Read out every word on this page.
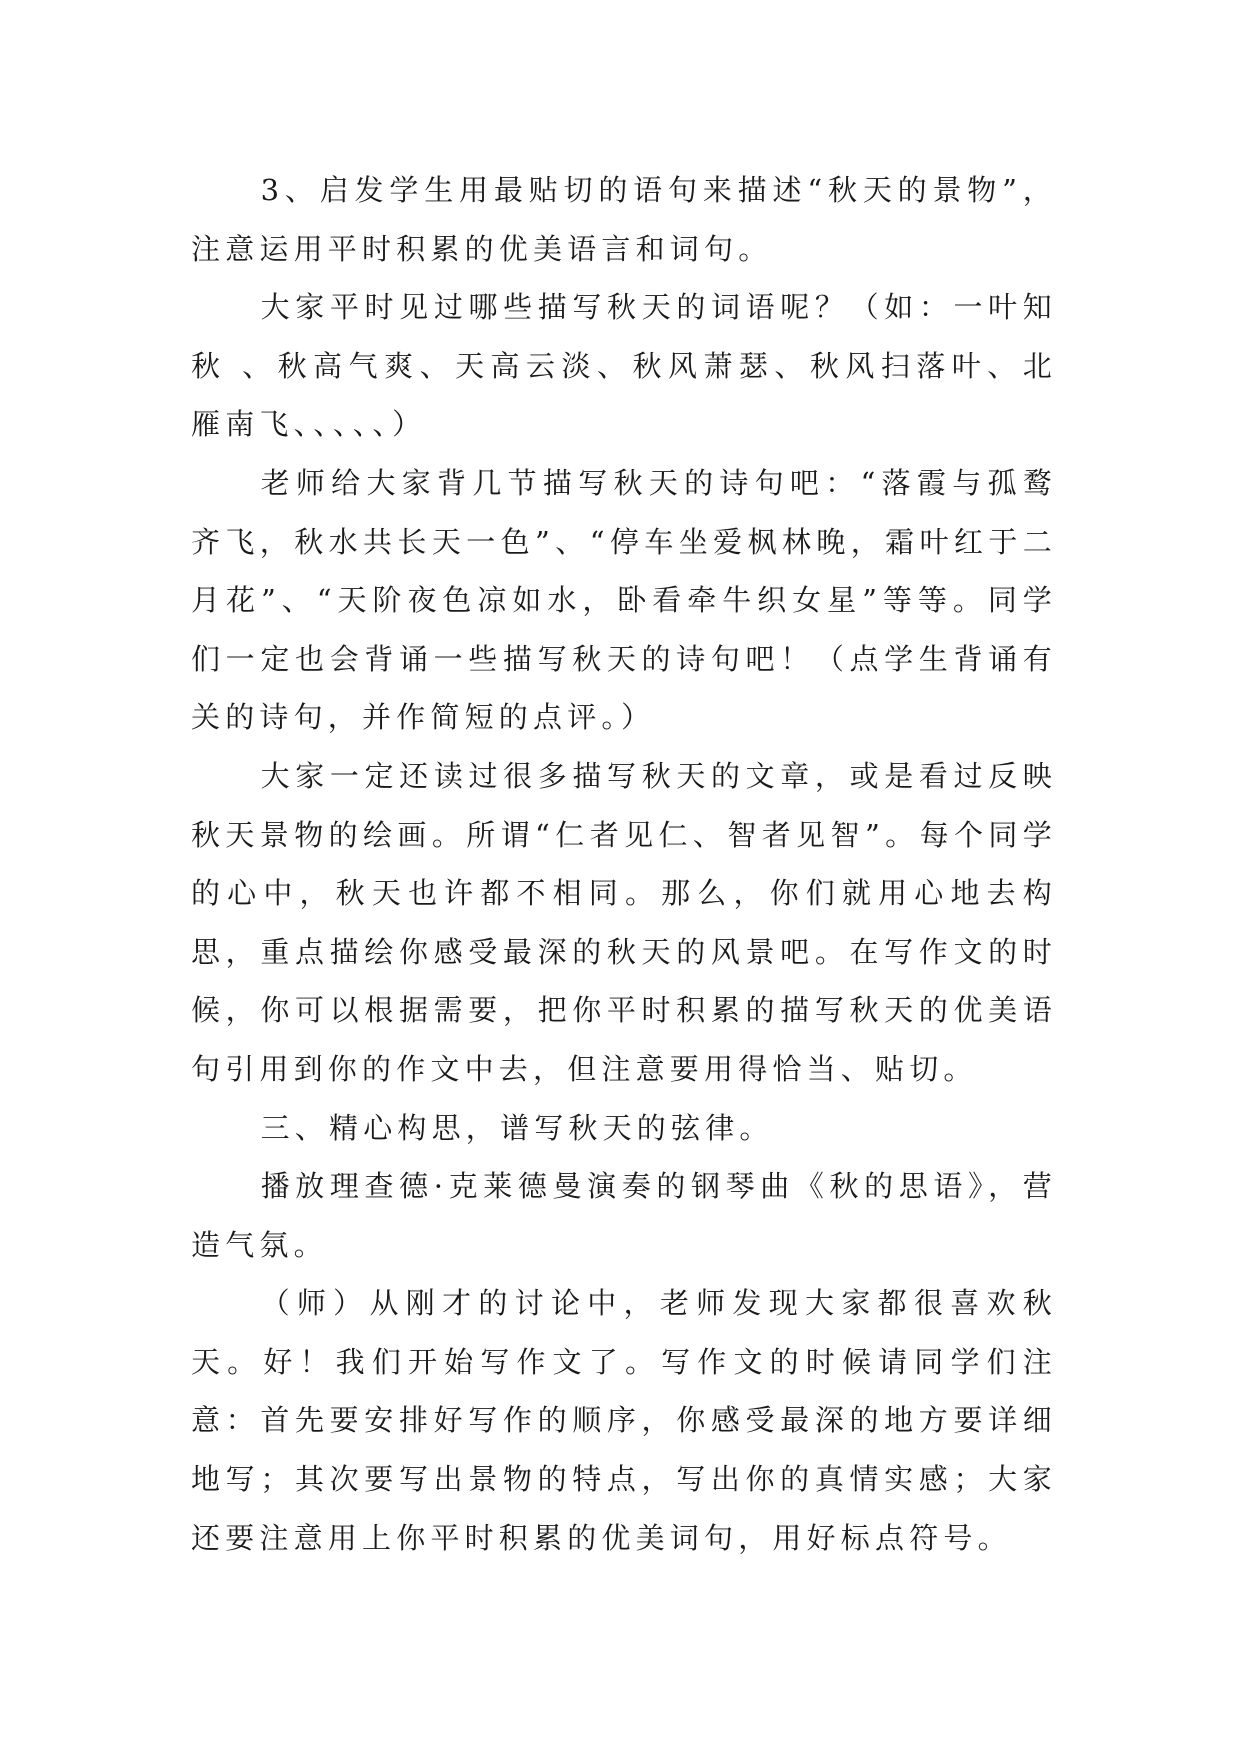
3、启发学生用最贴切的语句来描述“秋天的景物”，注意运用平时积累的优美语言和词句。

大家平时见过哪些描写秋天的词语呢？（如：一叶知秋 、秋高气爽、天高云淡、秋风萧瑟、秋风扫落叶、北雁南飞、、、、、）

老师给大家背几节描写秋天的诗句吧：“落霞与孤鹜齐飞，秋水共长天一色”、“停车坐爱枫林晚，霜叶红于二月花”、“天阶夜色凉如水，卧看牵牛织女星”等等。同学们一定也会背诵一些描写秋天的诗句吧！（点学生背诵有关的诗句，并作简短的点评。）

大家一定还读过很多描写秋天的文章，或是看过反映秋天景物的绘画。所谓“仁者见仁、智者见智”。每个同学的心中，秋天也许都不相同。那么，你们就用心地去构思，重点描绘你感受最深的秋天的风景吧。在写作文的时候，你可以根据需要，把你平时积累的描写秋天的优美语句引用到你的作文中去，但注意要用得恰当、贴切。

三、精心构思，谱写秋天的弦律。

播放理查德·克莱德曼演奏的钢琴曲《秋的思语》，营造气氛。

（师）从刚才的讨论中，老师发现大家都很喜欢秋天。好！我们开始写作文了。写作文的时候请同学们注意：首先要安排好写作的顺序，你感受最深的地方要详细地写；其次要写出景物的特点，写出你的真情实感；大家还要注意用上你平时积累的优美词句，用好标点符号。
